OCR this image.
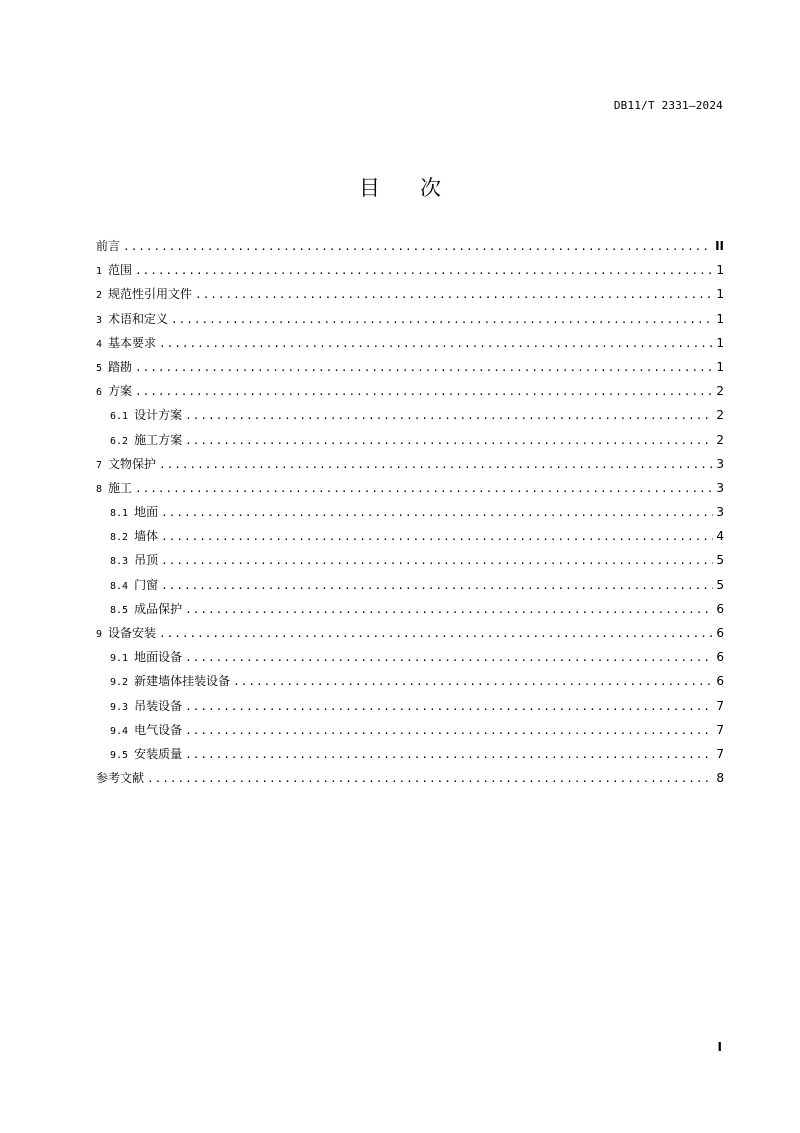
DB11/T 2331—2024
目次
前言 .....	II
1 范围 .....	1
2 规范性引用文件 .....	1
3 术语和定义 .....	1
4 基本要求 .....	1
5 踏勘 .....	1
6 方案 .....	2
6.1 设计方案 .....	2
6.2 施工方案 .....	2
7 文物保护 .....	3
8 施工 .....	3
8.1 地面 .....	3
8.2 墙体 .....	4
8.3 吊顶 .....	5
8.4 门窗 .....	5
8.5 成品保护 .....	6
9 设备安装 .....	6
9.1 地面设备 .....	6
9.2 新建墙体挂装设备 .....	6
9.3 吊装设备 .....	7
9.4 电气设备 .....	7
9.5 安装质量 .....	7
参考文献 .....	8
I
